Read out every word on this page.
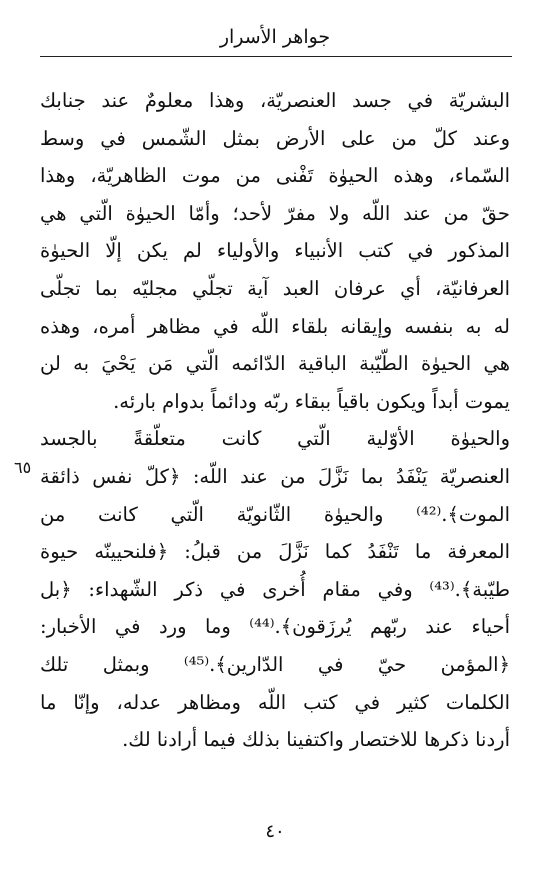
جواهر الأسرار
البشريّة في جسد العنصريّة، وهذا معلومٌ عند جنابك
وعند كلّ من على الأرض بمثل الشّمس في وسط
السّماء، وهذه الحيوٰة تَفْنى من موت الظاهريّة، وهذا
حقّ من عند اللّه ولا مفرّ لأحد؛ وأمّا الحيوٰة الّتي هي
المذكور في كتب الأنبياء والأولياء لم يكن إلّا الحيوٰة
العرفانيّة، أي عرفان العبد آية تجلّي مجليّه بما تجلّى
له به بنفسه وإيقانه بلقاء اللّه في مظاهر أمره، وهذه
هي الحيوٰة الطّيّبة الباقية الدّائمه الّتي مَن يَحْيَ به لن
يموت أبداً ويكون باقياً ببقاء ربّه ودائماً بدوام بارئه.
والحيوٰة الأوّلية الّتي كانت متعلّقةً بالجسد
العنصريّة يَنْفَدُ بما نَزَّلَ من عند اللّه: ﴿كلّ نفس ذائقة
الموت﴾.⁽⁴²⁾ والحيوٰة الثّانويّة الّتي كانت من
المعرفة ما تَنْفَدُ كما نَزَّلَ من قبلُ: ﴿فلنحيينّه حيوة
طيّبة﴾.⁽⁴³⁾ وفي مقام أُخرى في ذكر الشّهداء: ﴿بل
أحياء عند ربّهم يُرزَقون﴾.⁽⁴⁴⁾ وما ورد في الأخبار:
﴿المؤمن حيّ في الدّارين﴾.⁽⁴⁵⁾ وبمثل تلك
الكلمات كثير في كتب اللّه ومظاهر عدله، وإنّا ما
أردنا ذكرها للاختصار واكتفينا بذلك فيما أرادنا لك.
٦٥
٤٠
